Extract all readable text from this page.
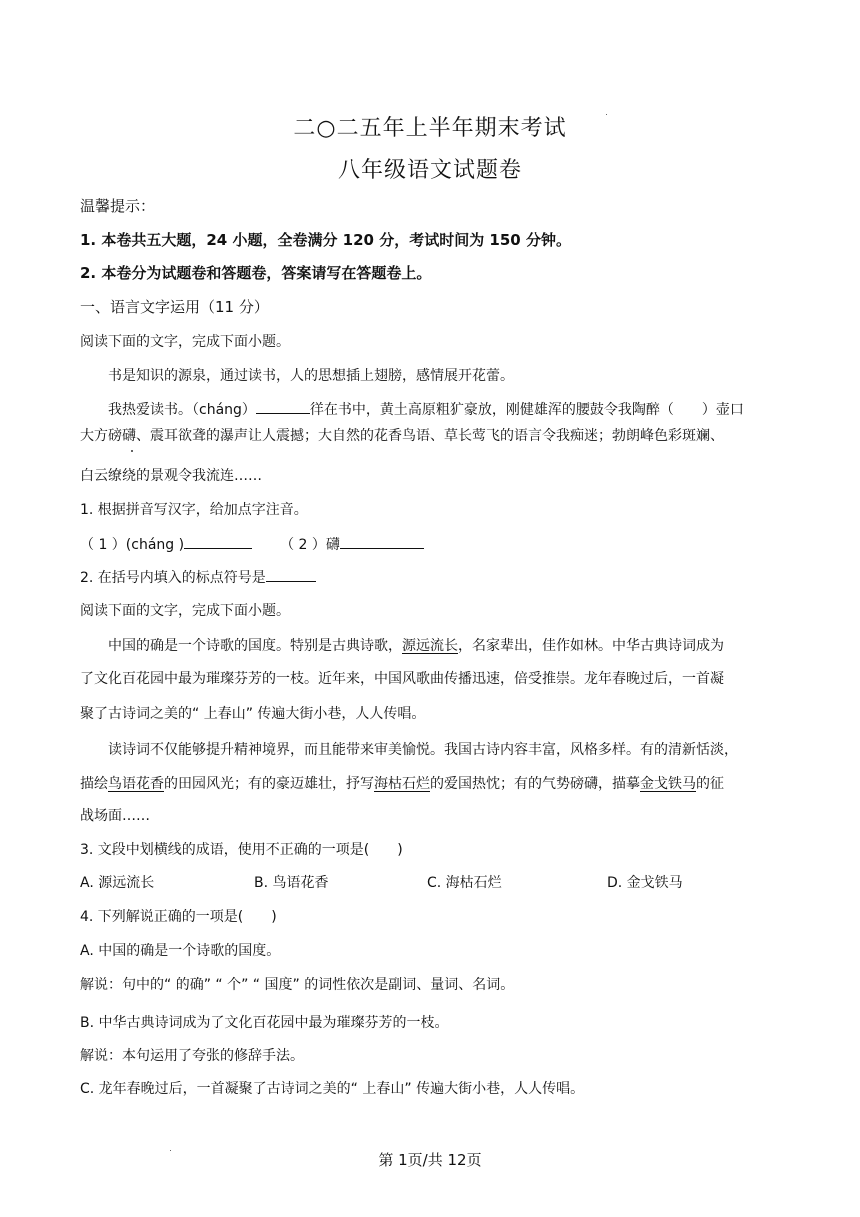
二○二五年上半年期末考试
八年级语文试题卷
温馨提示：
1. 本卷共五大题，24 小题，全卷满分 120 分，考试时间为 150 分钟。
2. 本卷分为试题卷和答题卷，答案请写在答题卷上。
一、语言文字运用（11 分）
阅读下面的文字，完成下面小题。
书是知识的源泉，通过读书，人的思想插上翅膀，感情展开花蕾。
我热爱读书。（cháng）	徉在书中，黄土高原粗犷豪放，刚健雄浑的腰鼓令我陶醉（ ）壶口
大方磅礴、震耳欲聋的瀑声让人震撼；大自然的花香鸟语、草长莺飞的语言令我痴迷；勃朗峰色彩斑斓、
白云缭绕的景观令我流连……
1. 根据拼音写汉字，给加点字注音。
（ 1 ）(cháng )	（ 2 ）礴
2. 在括号内填入的标点符号是
阅读下面的文字，完成下面小题。
中国的确是一个诗歌的国度。特别是古典诗歌，源远流长，名家辈出，佳作如林。中华古典诗词成为
了文化百花园中最为璀璨芬芳的一枝。近年来，中国风歌曲传播迅速，倍受推崇。龙年春晚过后，一首凝
聚了古诗词之美的“ 上春山” 传遍大街小巷，人人传唱。
读诗词不仅能够提升精神境界，而且能带来审美愉悦。我国古诗内容丰富，风格多样。有的清新恬淡，
描绘鸟语花香的田园风光；有的豪迈雄壮，抒写海枯石烂的爱国热忱；有的气势磅礴，描摹金戈铁马的征
战场面……
3. 文段中划横线的成语，使用不正确的一项是(　　)
A. 源远流长	B. 鸟语花香	C. 海枯石烂	D. 金戈铁马
4. 下列解说正确的一项是(　　)
A. 中国的确是一个诗歌的国度。
解说：句中的“ 的确” “ 个” “ 国度” 的词性依次是副词、量词、名词。
B. 中华古典诗词成为了文化百花园中最为璀璨芬芳的一枝。
解说：本句运用了夸张的修辞手法。
C. 龙年春晚过后，一首凝聚了古诗词之美的“ 上春山” 传遍大街小巷，人人传唱。
第 1页/共 12页
